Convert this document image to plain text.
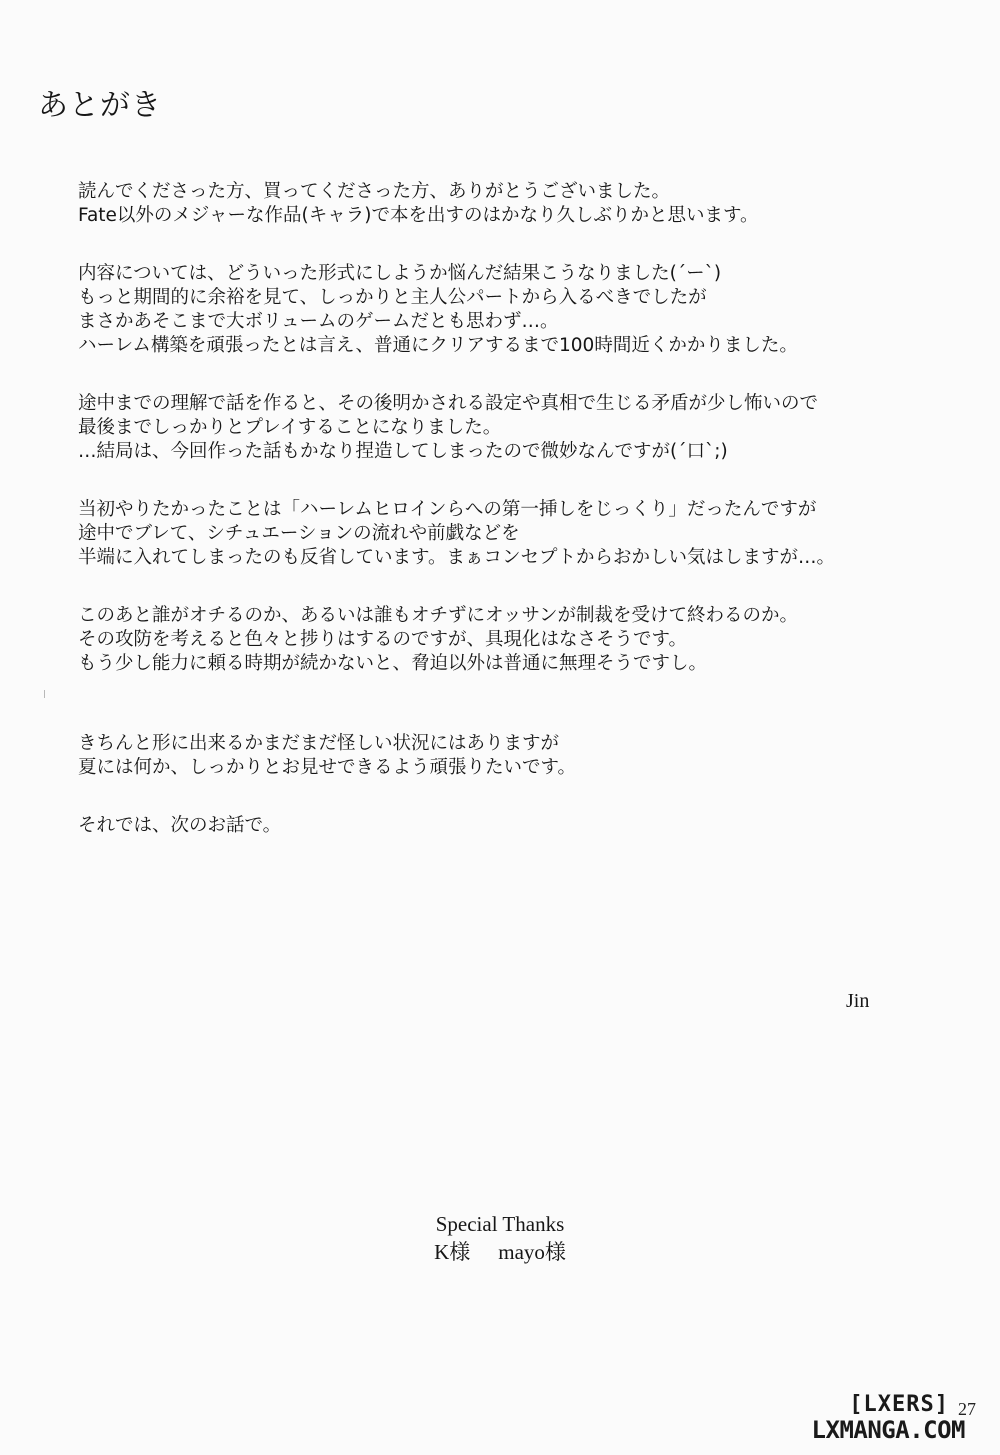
あとがき
読んでくださった方、買ってくださった方、ありがとうございました。
Fate以外のメジャーな作品(キャラ)で本を出すのはかなり久しぶりかと思います。
内容については、どういった形式にしようか悩んだ結果こうなりました(´ー`)
もっと期間的に余裕を見て、しっかりと主人公パートから入るべきでしたが
まさかあそこまで大ボリュームのゲームだとも思わず…。
ハーレム構築を頑張ったとは言え、普通にクリアするまで100時間近くかかりました。
途中までの理解で話を作ると、その後明かされる設定や真相で生じる矛盾が少し怖いので
最後までしっかりとプレイすることになりました。
…結局は、今回作った話もかなり捏造してしまったので微妙なんですが(´口`;)
当初やりたかったことは「ハーレムヒロインらへの第一挿しをじっくり」だったんですが
途中でブレて、シチュエーションの流れや前戯などを
半端に入れてしまったのも反省しています。まぁコンセプトからおかしい気はしますが…。
このあと誰がオチるのか、あるいは誰もオチずにオッサンが制裁を受けて終わるのか。
その攻防を考えると色々と捗りはするのですが、具現化はなさそうです。
もう少し能力に頼る時期が続かないと、脅迫以外は普通に無理そうですし。
きちんと形に出来るかまだまだ怪しい状況にはありますが
夏には何か、しっかりとお見せできるよう頑張りたいです。
それでは、次のお話で。
Jin
Special Thanks
K様 mayo様
27
[LXERS]
LXMANGA.COM
